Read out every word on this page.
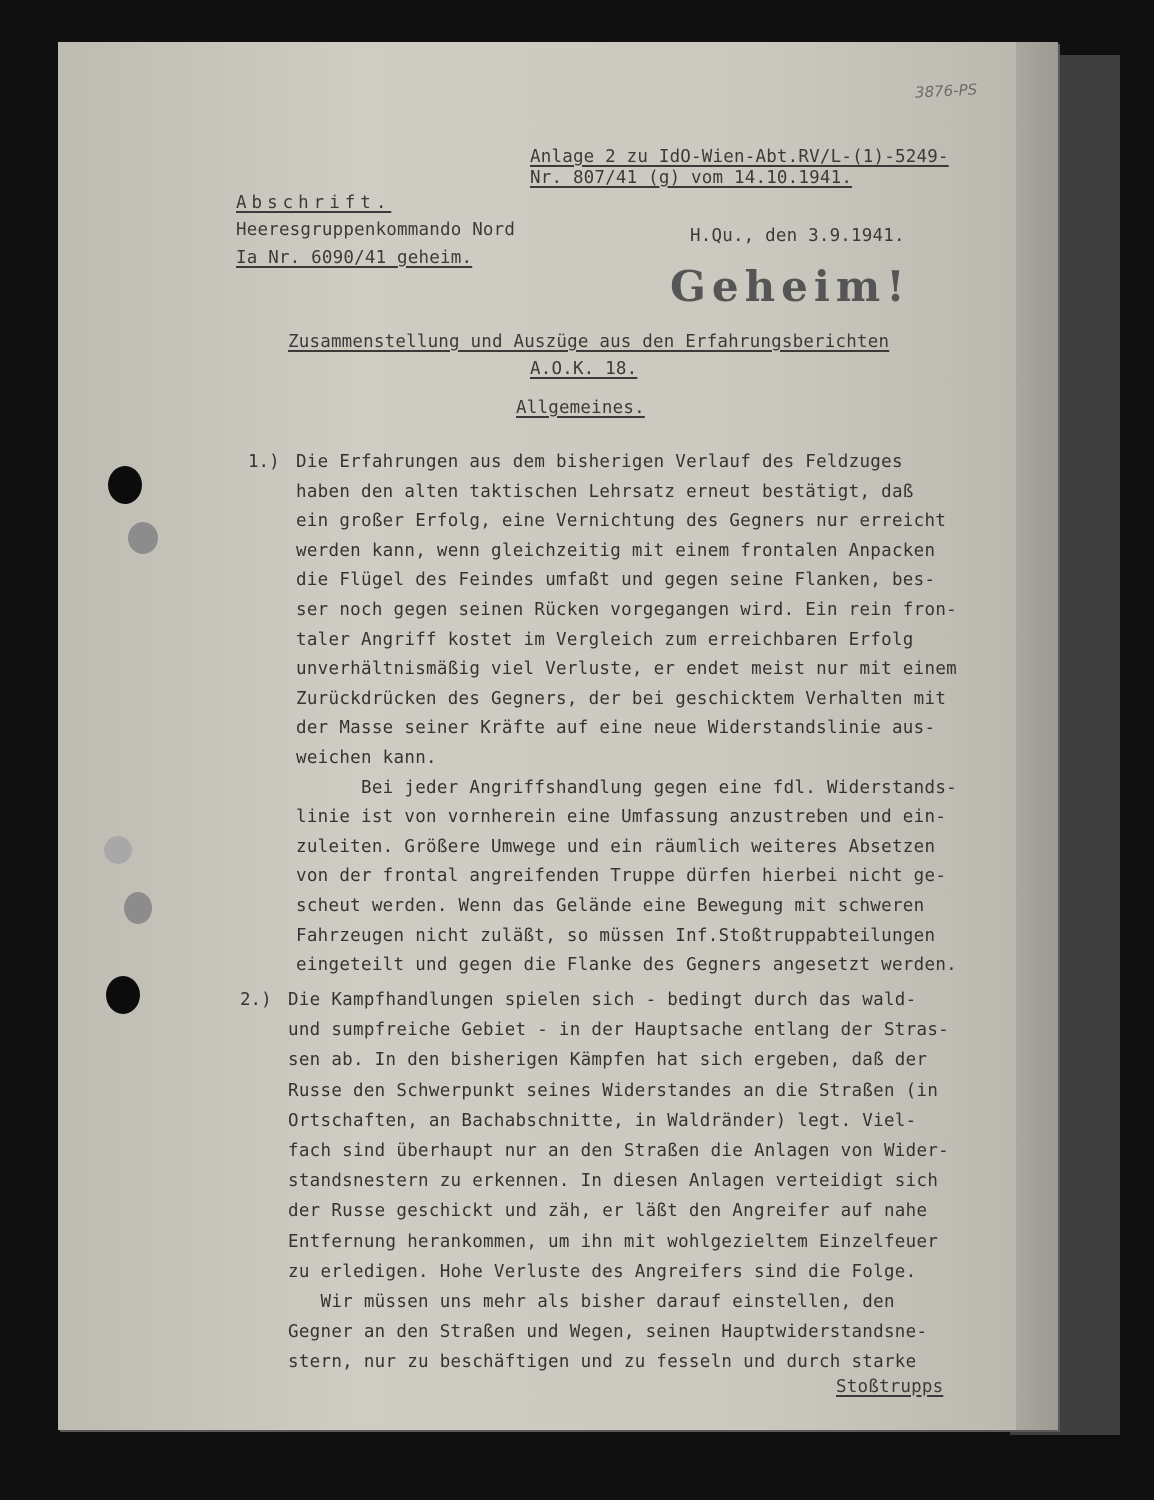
3876-PS
Anlage 2 zu IdO-Wien-Abt.RV/L-(1)-5249-
Nr. 807/41 (g) vom 14.10.1941.
Abschrift.
Heeresgruppenkommando Nord
Ia Nr. 6090/41 geheim.
H.Qu., den 3.9.1941.
Geheim!
Zusammenstellung und Auszüge aus den Erfahrungsberichten
A.O.K. 18.
Allgemeines.
1.) Die Erfahrungen aus dem bisherigen Verlauf des Feldzuges
haben den alten taktischen Lehrsatz erneut bestätigt, daß
ein großer Erfolg, eine Vernichtung des Gegners nur erreicht
werden kann, wenn gleichzeitig mit einem frontalen Anpacken
die Flügel des Feindes umfaßt und gegen seine Flanken, bes-
ser noch gegen seinen Rücken vorgegangen wird. Ein rein fron-
taler Angriff kostet im Vergleich zum erreichbaren Erfolg
unverhältnismäßig viel Verluste, er endet meist nur mit einem
Zurückdrücken des Gegners, der bei geschicktem Verhalten mit
der Masse seiner Kräfte auf eine neue Widerstandslinie aus-
weichen kann.
Bei jeder Angriffshandlung gegen eine fdl. Widerstands-
linie ist von vornherein eine Umfassung anzustreben und ein-
zuleiten. Größere Umwege und ein räumlich weiteres Absetzen
von der frontal angreifenden Truppe dürfen hierbei nicht ge-
scheut werden. Wenn das Gelände eine Bewegung mit schweren
Fahrzeugen nicht zuläßt, so müssen Inf.Stoßtruppabteilungen
eingeteilt und gegen die Flanke des Gegners angesetzt werden.
2.) Die Kampfhandlungen spielen sich - bedingt durch das wald-
und sumpfreiche Gebiet - in der Hauptsache entlang der Stras-
sen ab. In den bisherigen Kämpfen hat sich ergeben, daß der
Russe den Schwerpunkt seines Widerstandes an die Straßen (in
Ortschaften, an Bachabschnitte, in Waldränder) legt. Viel-
fach sind überhaupt nur an den Straßen die Anlagen von Wider-
standsnestern zu erkennen. In diesen Anlagen verteidigt sich
der Russe geschickt und zäh, er läßt den Angreifer auf nahe
Entfernung herankommen, um ihn mit wohlgezieltem Einzelfeuer
zu erledigen. Hohe Verluste des Angreifers sind die Folge.
Wir müssen uns mehr als bisher darauf einstellen, den
Gegner an den Straßen und Wegen, seinen Hauptwiderstandsne-
stern, nur zu beschäftigen und zu fesseln und durch starke
Stoßtrupps
